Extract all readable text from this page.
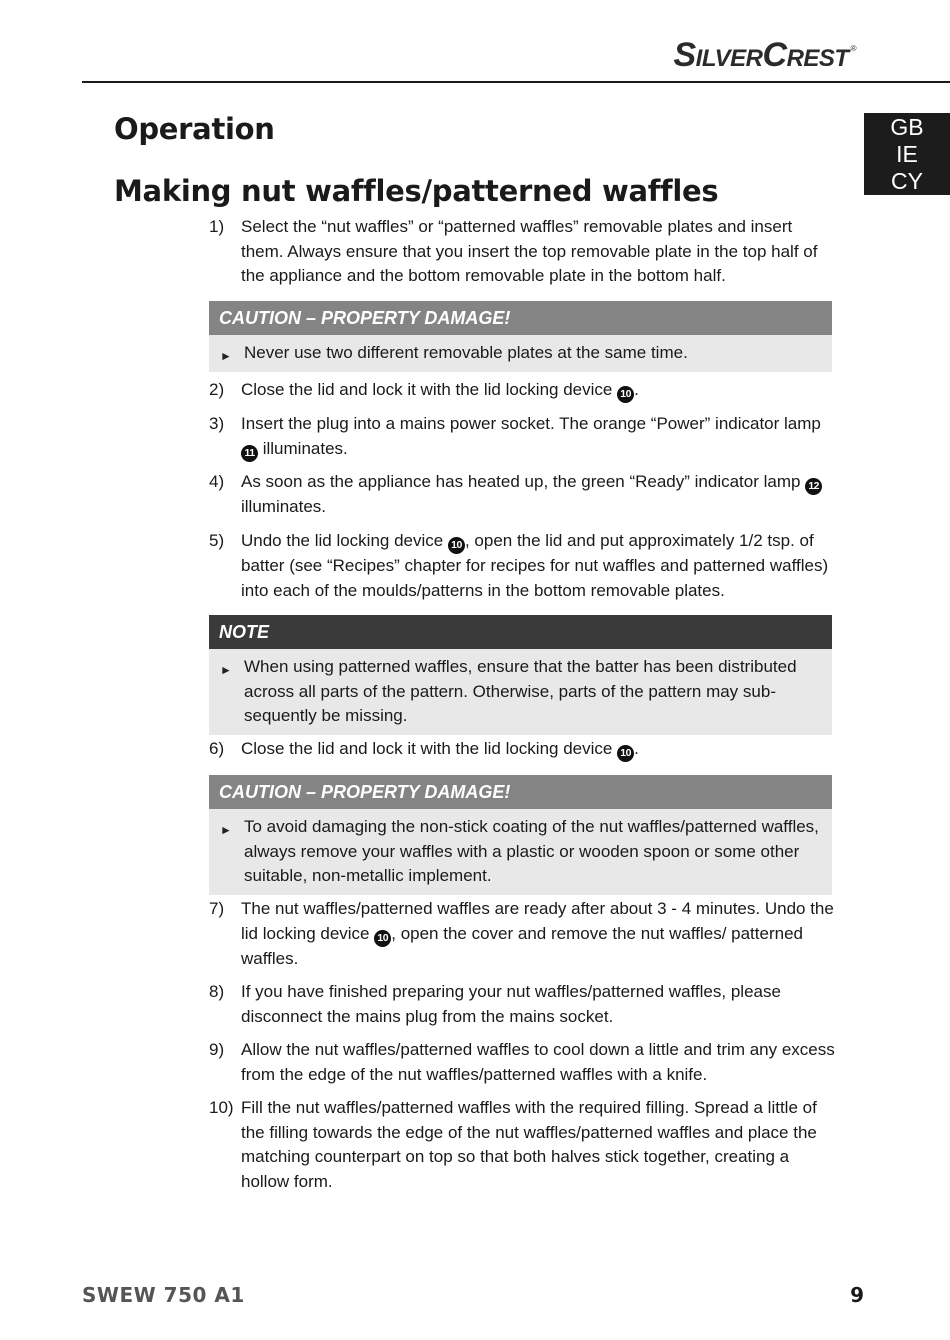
SILVERCREST ®
GB
IE
CY
Operation
Making nut waffles/patterned waffles
1) Select the “nut waffles” or “patterned waffles” removable plates and insert them. Always ensure that you insert the top removable plate in the top half of the appliance and the bottom removable plate in the bottom half.
CAUTION – PROPERTY DAMAGE!
► Never use two different removable plates at the same time.
2) Close the lid and lock it with the lid locking device 10 .
3) Insert the plug into a mains power socket. The orange “Power” indicator lamp 11 illuminates.
4) As soon as the appliance has heated up, the green “Ready” indicator lamp 12 illuminates.
5) Undo the lid locking device 10 , open the lid and put approximately 1/2 tsp. of batter (see “Recipes” chapter for recipes for nut waffles and patterned waffles) into each of the moulds/patterns in the bottom removable plates.
NOTE
► When using patterned waffles, ensure that the batter has been distributed across all parts of the pattern. Otherwise, parts of the pattern may subsequently be missing.
6) Close the lid and lock it with the lid locking device 10 .
CAUTION – PROPERTY DAMAGE!
► To avoid damaging the non-stick coating of the nut waffles/patterned waffles, always remove your waffles with a plastic or wooden spoon or some other suitable, non-metallic implement.
7) The nut waffles/patterned waffles are ready after about 3 - 4 minutes. Undo the lid locking device 10 , open the cover and remove the nut waffles/ patterned waffles.
8) If you have finished preparing your nut waffles/patterned waffles, please disconnect the mains plug from the mains socket.
9) Allow the nut waffles/patterned waffles to cool down a little and trim any excess from the edge of the nut waffles/patterned waffles with a knife.
10) Fill the nut waffles/patterned waffles with the required filling. Spread a little of the filling towards the edge of the nut waffles/patterned waffles and place the matching counterpart on top so that both halves stick together, creating a hollow form.
SWEW 750 A1	9
